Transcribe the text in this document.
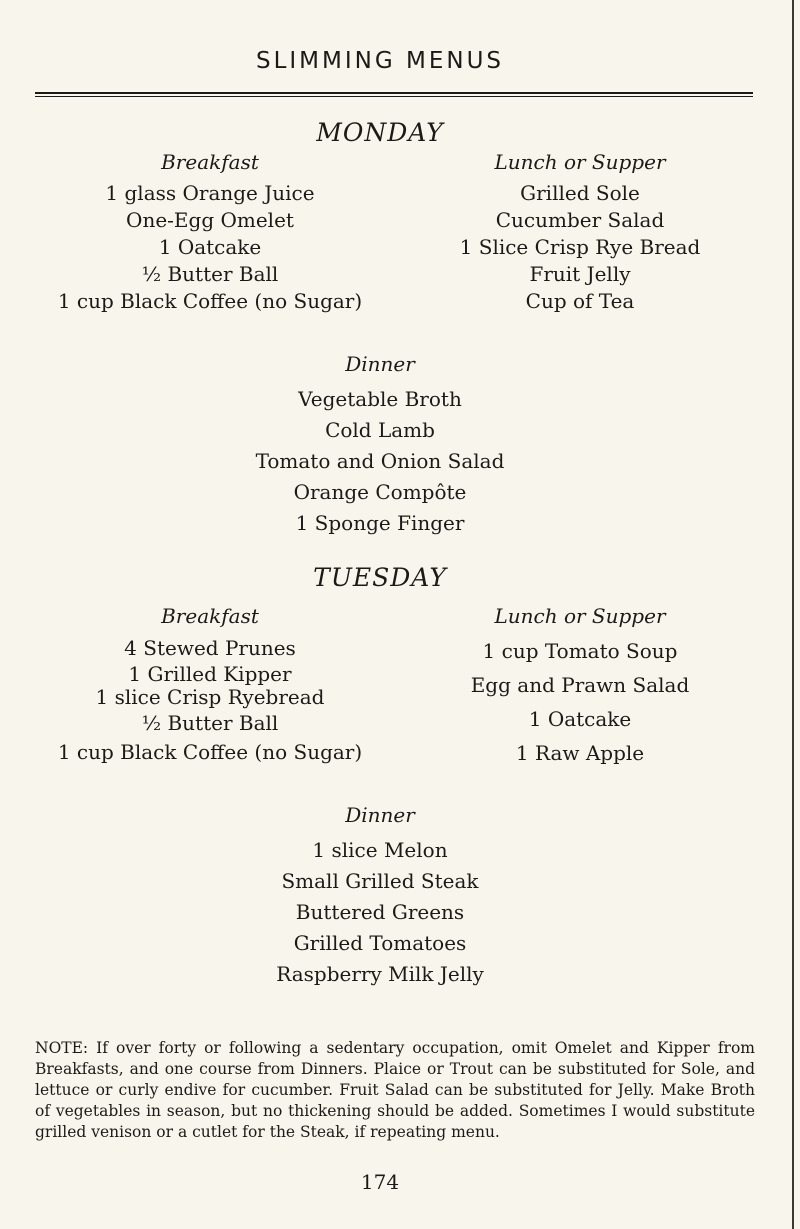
SLIMMING MENUS
MONDAY
Breakfast
1 glass Orange Juice
One-Egg Omelet
1 Oatcake
½ Butter Ball
1 cup Black Coffee (no Sugar)
Lunch or Supper
Grilled Sole
Cucumber Salad
1 Slice Crisp Rye Bread
Fruit Jelly
Cup of Tea
Dinner
Vegetable Broth
Cold Lamb
Tomato and Onion Salad
Orange Compôte
1 Sponge Finger
TUESDAY
Breakfast
4 Stewed Prunes
1 Grilled Kipper
1 slice Crisp Ryebread
½ Butter Ball
1 cup Black Coffee (no Sugar)
Lunch or Supper
1 cup Tomato Soup
Egg and Prawn Salad
1 Oatcake
1 Raw Apple
Dinner
1 slice Melon
Small Grilled Steak
Buttered Greens
Grilled Tomatoes
Raspberry Milk Jelly
NOTE: If over forty or following a sedentary occupation, omit Omelet and Kipper from Breakfasts, and one course from Dinners. Plaice or Trout can be substituted for Sole, and lettuce or curly endive for cucumber. Fruit Salad can be substituted for Jelly. Make Broth of vegetables in season, but no thickening should be added. Sometimes I would substitute grilled venison or a cutlet for the Steak, if repeating menu.
174
